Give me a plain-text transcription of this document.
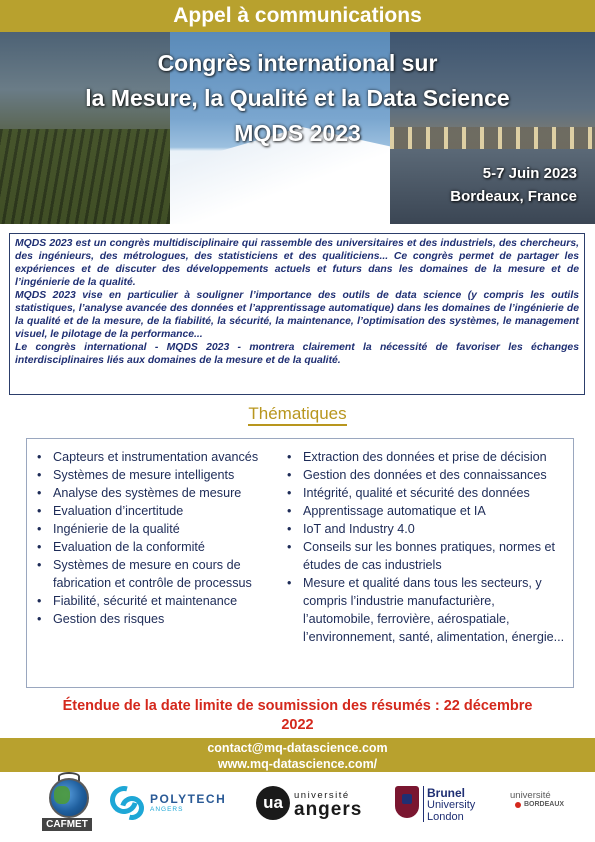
Appel à communications
Congrès international sur
la Mesure, la Qualité et la Data Science
MQDS 2023
5-7 Juin 2023
Bordeaux, France

MQDS 2023 est un congrès multidisciplinaire qui rassemble des universitaires et des industriels, des chercheurs, des ingénieurs, des métrologues, des statisticiens et des qualiticiens... Ce congrès permet de partager les expériences et de discuter des développements actuels et futurs dans les domaines de la mesure et de l’ingénierie de la qualité.

MQDS 2023 vise en particulier à souligner l’importance des outils de data science (y compris les outils statistiques, l’analyse avancée des données et l’apprentissage automatique) dans les domaines de l’ingénierie de la qualité et de la mesure, de la fiabilité, la sécurité, la maintenance, l’optimisation des systèmes, le management visuel, le pilotage de la performance...

Le congrès international - MQDS 2023 - montrera clairement la nécessité de favoriser les échanges interdisciplinaires liés aux domaines de la mesure et de la qualité.

Thématiques
• Capteurs et instrumentation avancés
• Systèmes de mesure intelligents
• Analyse des systèmes de mesure
• Evaluation d’incertitude
• Ingénierie de la qualité
• Evaluation de la conformité
• Systèmes de mesure en cours de fabrication et contrôle de processus
• Fiabilité, sécurité et maintenance
• Gestion des risques
• Extraction des données et prise de décision
• Gestion des données et des connaissances
• Intégrité, qualité et sécurité des données
• Apprentissage automatique et IA
• IoT and Industry 4.0
• Conseils sur les bonnes pratiques, normes et études de cas industriels
• Mesure et qualité dans tous les secteurs, y compris l’industrie manufacturière, l’automobile, ferrovière, aérospatiale, l’environnement, santé, alimentation, énergie...
Étendue de la date limite de soumission des résumés : 22 décembre 2022
contact@mq-datascience.com
www.mq-datascience.com/
CAFMET
POLYTECH
ANGERS	ua	université
angers
Brunel
University
London
université
BORDEAUX
